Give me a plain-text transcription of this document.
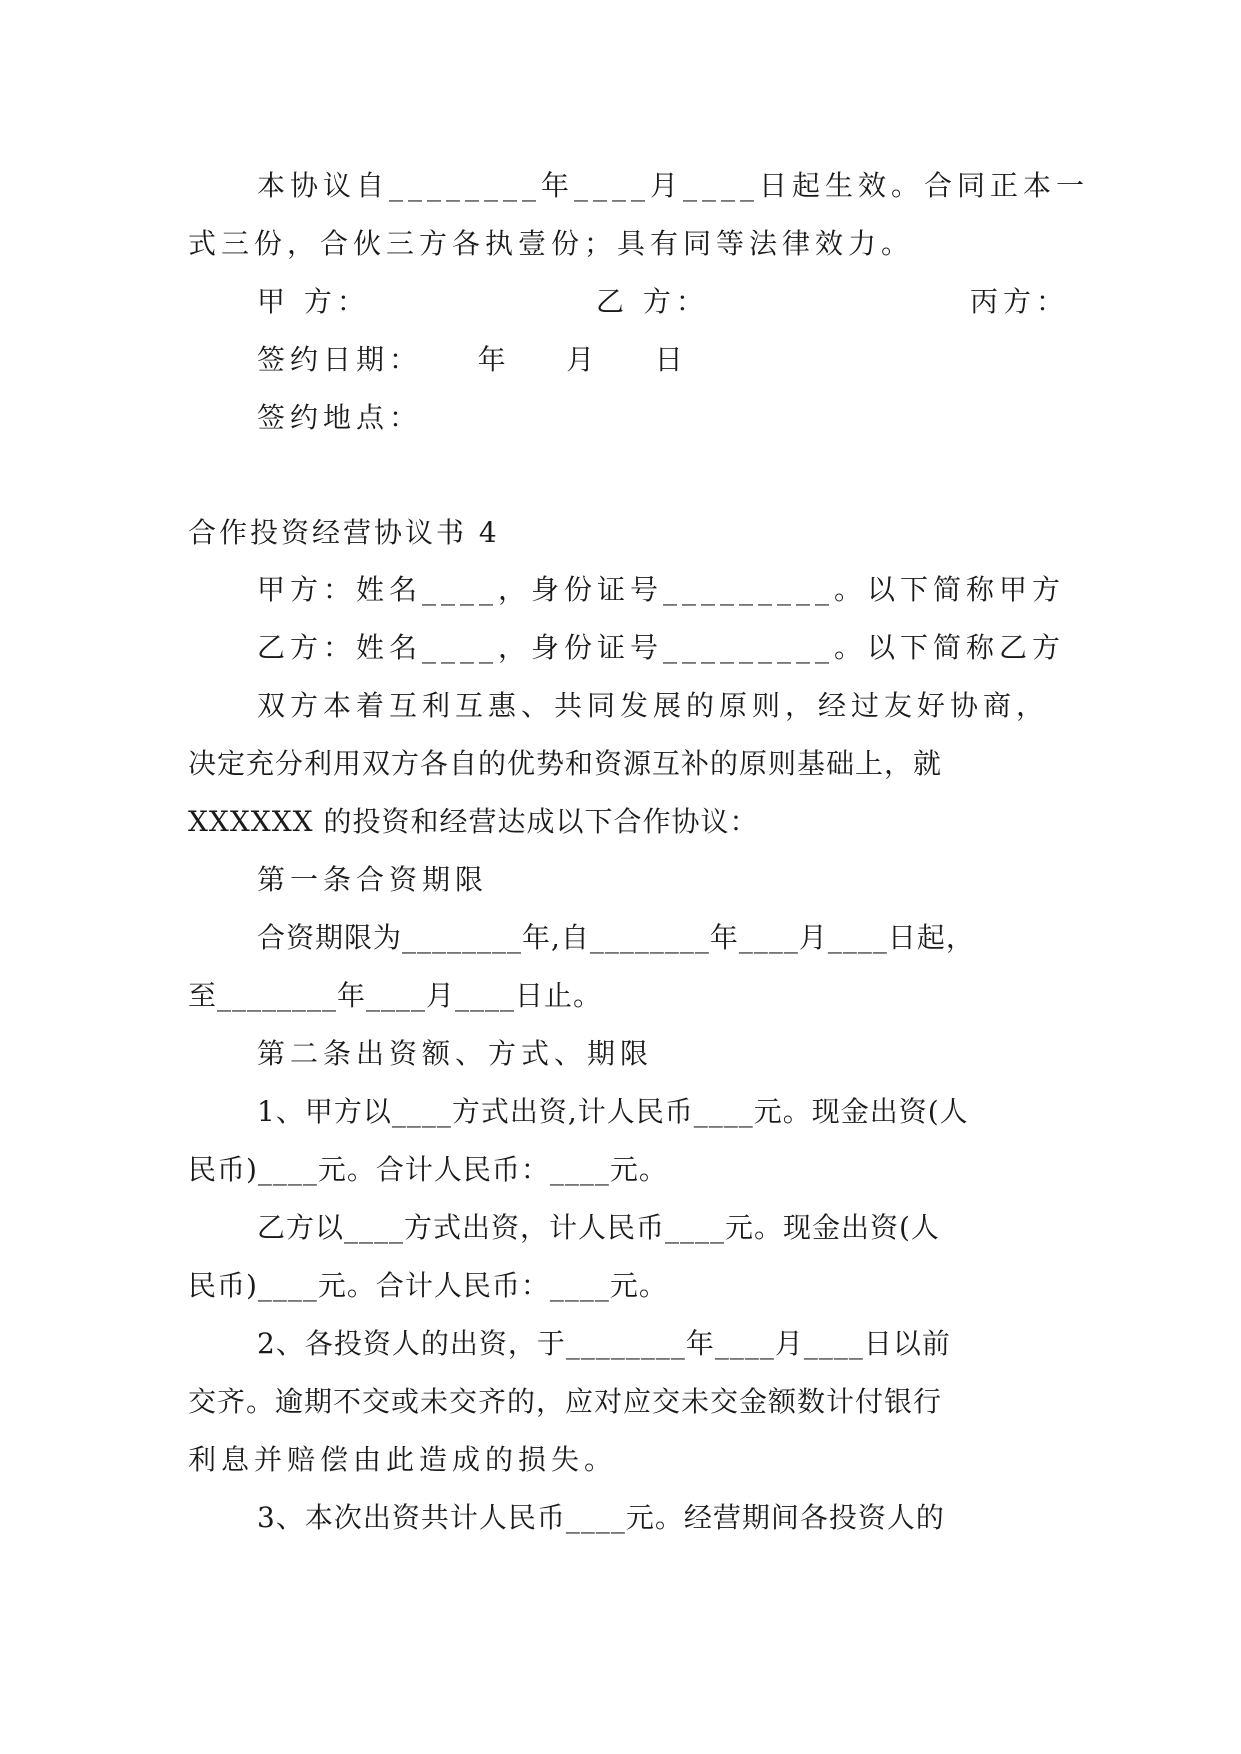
本协议自________年____月____日起生效。合同正本一
式三份，合伙三方各执壹份；具有同等法律效力。
甲 方：	乙 方：	丙方：
签约日期：    年    月    日
签约地点：
合作投资经营协议书 4
甲方：姓名____，身份证号_________。以下简称甲方
乙方：姓名____，身份证号_________。以下简称乙方
双方本着互利互惠、共同发展的原则，经过友好协商，
决定充分利用双方各自的优势和资源互补的原则基础上，就
XXXXXX 的投资和经营达成以下合作协议：
第一条合资期限
合资期限为________年,自________年____月____日起，
至________年____月____日止。
第二条出资额、方式、期限
1、甲方以____方式出资,计人民币____元。现金出资(人
民币)____元。合计人民币：____元。
乙方以____方式出资，计人民币____元。现金出资(人
民币)____元。合计人民币：____元。
2、各投资人的出资，于________年____月____日以前
交齐。逾期不交或未交齐的，应对应交未交金额数计付银行
利息并赔偿由此造成的损失。
3、本次出资共计人民币____元。经营期间各投资人的
